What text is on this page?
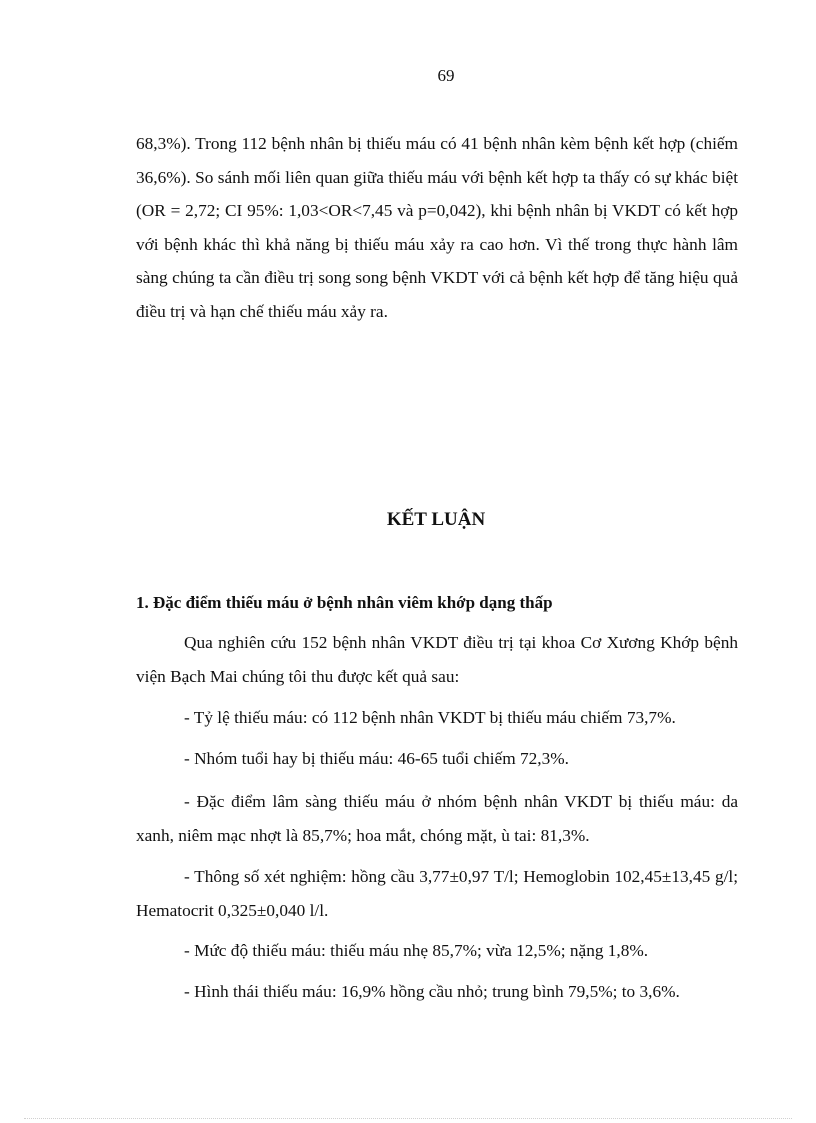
69

68,3%). Trong 112 bệnh nhân bị thiếu máu có 41 bệnh nhân kèm bệnh kết hợp (chiếm 36,6%). So sánh mối liên quan giữa thiếu máu với bệnh kết hợp ta thấy có sự khác biệt (OR = 2,72; CI 95%: 1,03<OR<7,45 và p=0,042), khi bệnh nhân bị VKDT có kết hợp với bệnh khác thì khả năng bị thiếu máu xảy ra cao hơn. Vì thế trong thực hành lâm sàng chúng ta cần điều trị song song bệnh VKDT với cả bệnh kết hợp để tăng hiệu quả điều trị và hạn chế thiếu máu xảy ra.

KẾT LUẬN
1. Đặc điểm thiếu máu ở bệnh nhân viêm khớp dạng thấp

Qua nghiên cứu 152 bệnh nhân VKDT điều trị tại khoa Cơ Xương Khớp bệnh viện Bạch Mai chúng tôi thu được kết quả sau:

- Tỷ lệ thiếu máu: có 112 bệnh nhân VKDT bị thiếu máu chiếm 73,7%.

- Nhóm tuổi hay bị thiếu máu: 46-65 tuổi chiếm 72,3%.

- Đặc điểm lâm sàng thiếu máu ở nhóm bệnh nhân VKDT bị thiếu máu: da xanh, niêm mạc nhợt là 85,7%; hoa mắt, chóng mặt, ù tai: 81,3%.

- Thông số xét nghiệm: hồng cầu 3,77±0,97 T/l; Hemoglobin 102,45±13,45 g/l; Hematocrit 0,325±0,040 l/l.

- Mức độ thiếu máu: thiếu máu nhẹ 85,7%; vừa 12,5%; nặng 1,8%.

- Hình thái thiếu máu: 16,9% hồng cầu nhỏ; trung bình 79,5%; to 3,6%.
